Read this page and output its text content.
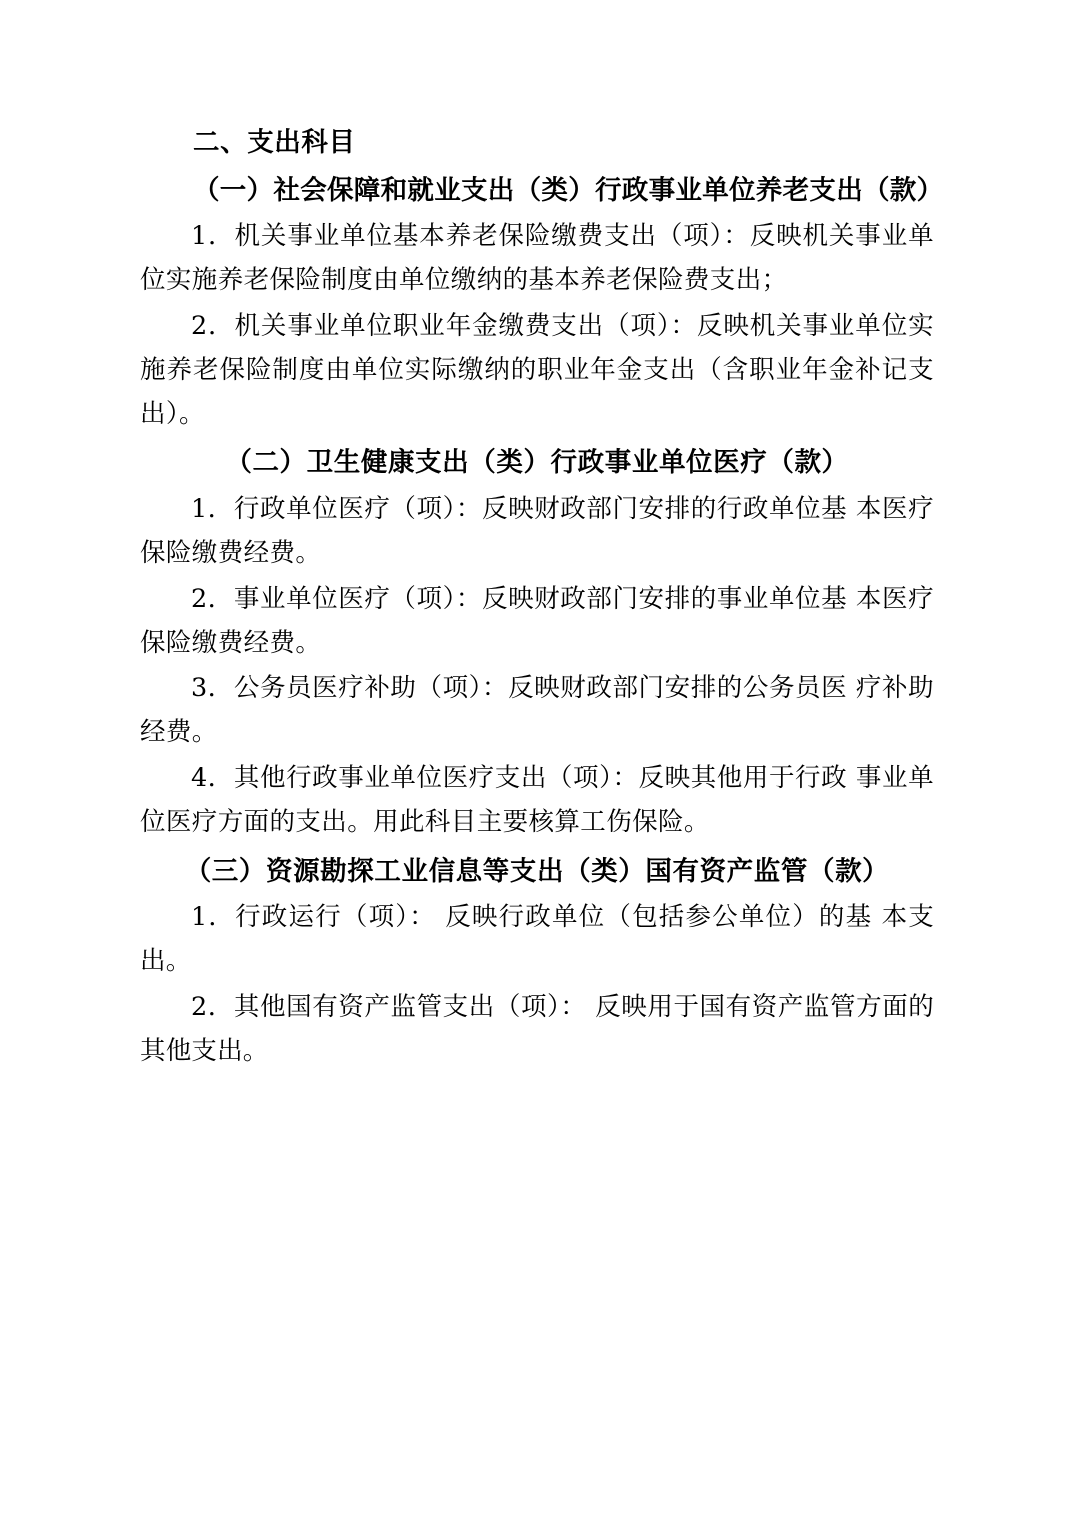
二、支出科目
（一）社会保障和就业支出（类）行政事业单位养老支出（款）

1．机关事业单位基本养老保险缴费支出（项）：反映机关事业单位实施养老保险制度由单位缴纳的基本养老保险费支出；

2．机关事业单位职业年金缴费支出（项）：反映机关事业单位实施养老保险制度由单位实际缴纳的职业年金支出（含职业年金补记支出）。

（二）卫生健康支出（类）行政事业单位医疗（款）

1．行政单位医疗（项）：反映财政部门安排的行政单位基 本医疗保险缴费经费。

2．事业单位医疗（项）：反映财政部门安排的事业单位基 本医疗保险缴费经费。

3．公务员医疗补助（项）：反映财政部门安排的公务员医 疗补助经费。

4．其他行政事业单位医疗支出（项）：反映其他用于行政 事业单位医疗方面的支出。用此科目主要核算工伤保险。

（三）资源勘探工业信息等支出（类）国有资产监管（款）

1．行政运行（项）： 反映行政单位（包括参公单位）的基 本支出。

2．其他国有资产监管支出（项）： 反映用于国有资产监管方面的其他支出。
